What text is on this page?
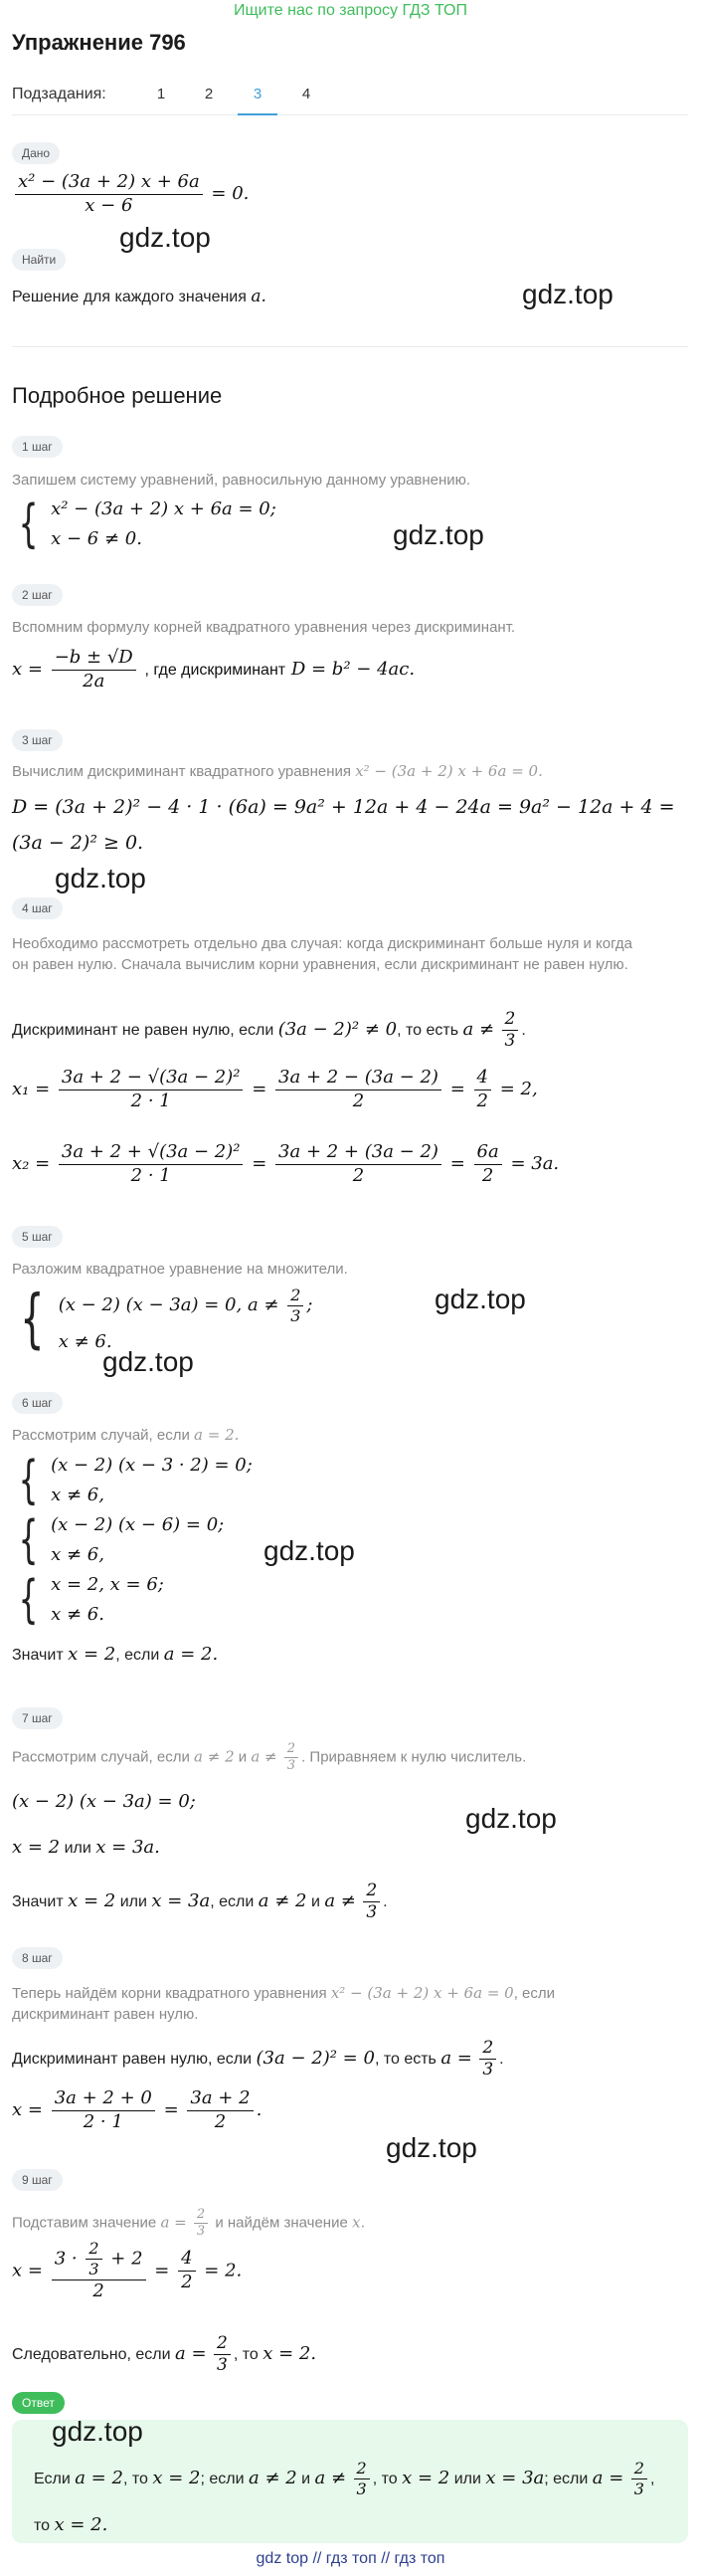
Ищите нас по запросу ГДЗ ТОП
Упражнение 796
Подзадания:	1	2	3	4
Дано
$\frac{\text{x² − (3a + 2) x + 6a}}{x - 6} = 0$.
gdz.top
Найти
Решение для каждого значения a.	gdz.top
Подробное решение
1 шаг
Запишем систему уравнений, равносильную данному уравнению.
{ x² − (3a + 2) x + 6a = 0;
x − 6 ≠ 0.	gdz.top
2 шаг
Вспомним формулу корней квадратного уравнения через дискриминант.
$x = \frac{-b \pm √D}{2a}$ , где дискриминант D = b² − 4ac.
3 шаг
Вычислим дискриминант квадратного уравнения x² − (3a + 2) x + 6a = 0.
D = (3a + 2)² − 4 · 1 · (6a) = 9a² + 12a + 4 − 24a = 9a² − 12a + 4 =
(3a − 2)² ≥ 0.
gdz.top
4 шаг
Необходимо рассмотреть отдельно два случая: когда дискриминант больше нуля и когда он равен нулю. Сначала вычислим корни уравнения, если дискриминант не равен нулю.
Дискриминант не равен нулю, если (3a − 2)² ≠ 0, то есть $a \ne \frac{2}{3}$ .
$x_1 = \frac{\text{3a + 2 − √(3a − 2)²}}{2 \cdot 1} = \frac{3a + 2 - (3a - 2)}{2} = \frac{4}{2} = 2$,
$x_2 = \frac{\text{3a + 2 + √(3a − 2)²}}{2 \cdot 1} = \frac{3a + 2 + (3a - 2)}{2} = \frac{6a}{2} = 3a$.
5 шаг
Разложим квадратное уравнение на множители.
{ (x − 2) (x − 3a) = 0, $a \ne \frac{2}{3}$ ;
x ≠ 6.
gdz.top
gdz.top
6 шаг
Рассмотрим случай, если a = 2.
{ (x − 2) (x − 3 · 2) = 0;
x ≠ 6,
{ (x − 2) (x − 6) = 0;
x ≠ 6,	gdz.top
{ x = 2, x = 6;
x ≠ 6.
Значит x = 2, если a = 2.
7 шаг
Рассмотрим случай, если a ≠ 2 и $a \ne \frac{2}{3}$ . Приравняем к нулю числитель.
(x − 2) (x − 3a) = 0;
gdz.top
x = 2 или x = 3a.
Значит x = 2 или x = 3a, если a ≠ 2 и $a \ne \frac{2}{3}$ .
8 шаг
Теперь найдём корни квадратного уравнения x² − (3a + 2) x + 6a = 0, если дискриминант равен нулю.
Дискриминант равен нулю, если (3a − 2)² = 0, то есть $a = \frac{2}{3}$ .
$x = \frac{3a + 2 + 0}{2 \cdot 1} = \frac{3a + 2}{2}$ .
gdz.top
9 шаг
Подставим значение $a = \frac{2}{3}$ и найдём значение x.
$x = \frac{3 \cdot \frac{2}{3} + 2}{2} = \frac{4}{2} = 2$.
Следовательно, если $a = \frac{2}{3}$ , то x = 2.
Ответ
Если a = 2, то x = 2; если a ≠ 2 и $a \ne \frac{2}{3}$ , то x = 2 или x = 3a; если $a = \frac{2}{3}$ , то x = 2.
gdz.top
gdz top // гдз топ // гдз топ
